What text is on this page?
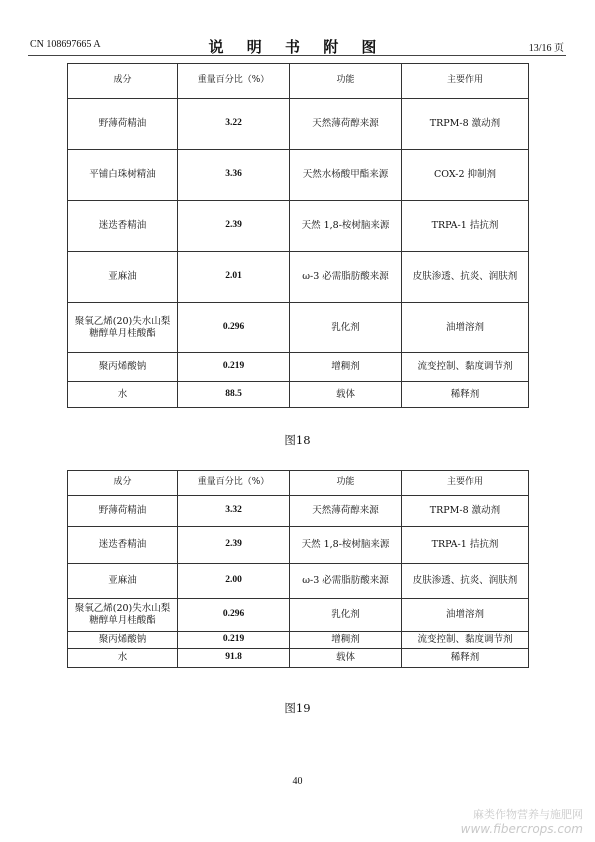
CN 108697665 A	说 明 书 附 图	13/16 页
成分	重量百分比（%）	功能	主要作用
野薄荷精油	3.22	天然薄荷醇来源	TRPM-8 激动剂
平铺白珠树精油	3.36	天然水杨酸甲酯来源	COX-2 抑制剂
迷迭香精油	2.39	天然 1,8-桉树脑来源	TRPA-1 拮抗剂
亚麻油	2.01	ω-3 必需脂肪酸来源	皮肤渗透、抗炎、润肤剂
聚氧乙烯(20)失水山梨糖醇单月桂酸酯	0.296	乳化剂	油增溶剂
聚丙烯酸钠	0.219	增稠剂	流变控制、黏度调节剂
水	88.5	载体	稀释剂
图18
成分	重量百分比（%）	功能	主要作用
野薄荷精油	3.32	天然薄荷醇来源	TRPM-8 激动剂
迷迭香精油	2.39	天然 1,8-桉树脑来源	TRPA-1 拮抗剂
亚麻油	2.00	ω-3 必需脂肪酸来源	皮肤渗透、抗炎、润肤剂
聚氧乙烯(20)失水山梨糖醇单月桂酸酯	0.296	乳化剂	油增溶剂
聚丙烯酸钠	0.219	增稠剂	流变控制、黏度调节剂
水	91.8	载体	稀释剂
图19
40
麻类作物营养与施肥网
www.fibercrops.com
